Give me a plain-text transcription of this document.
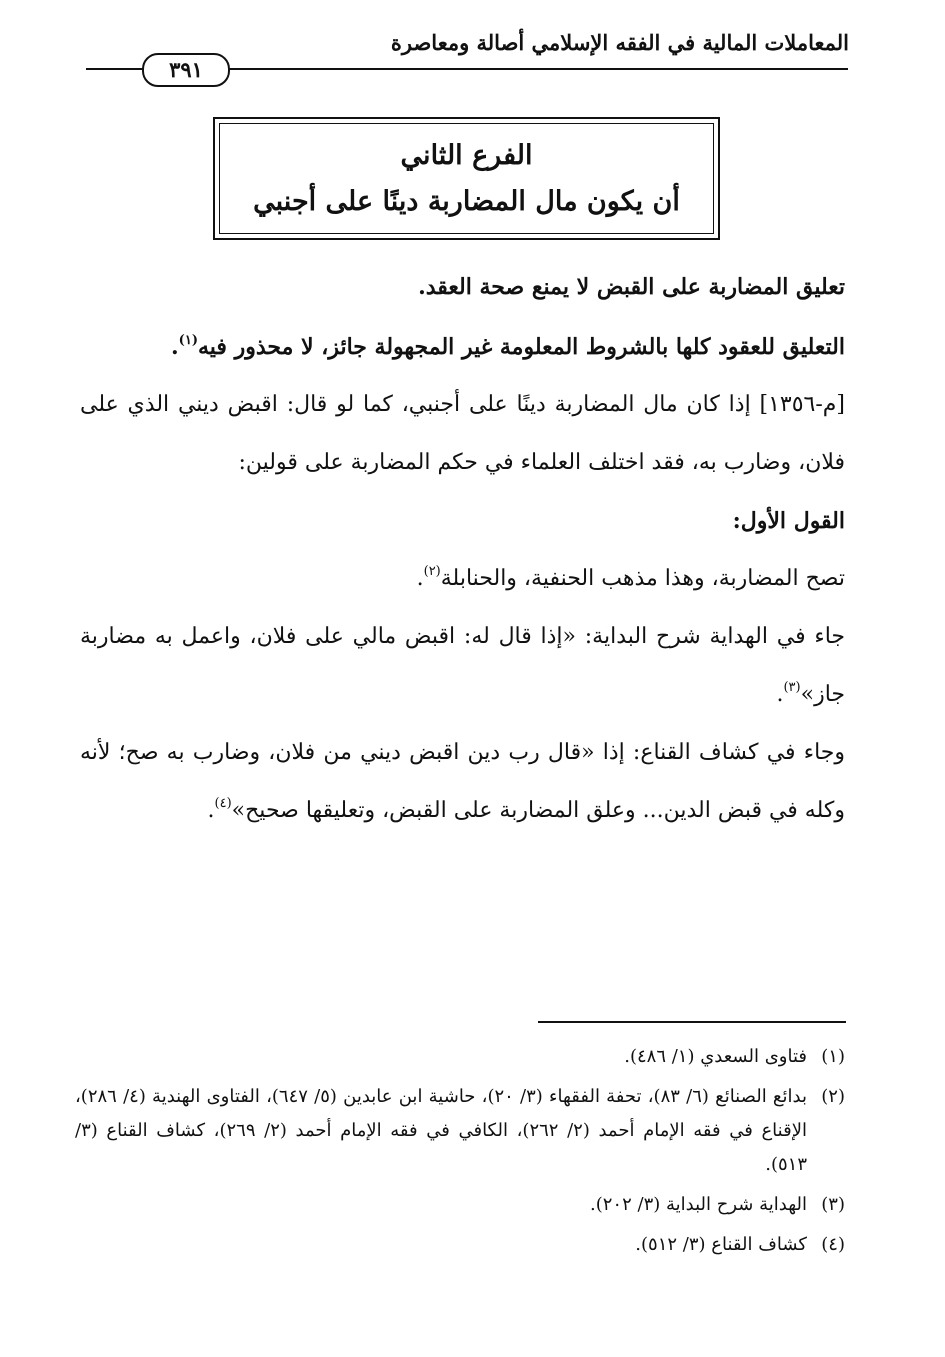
المعاملات المالية في الفقه الإسلامي أصالة ومعاصرة
٣٩١
الفرع الثاني
أن يكون مال المضاربة دينًا على أجنبي

تعليق المضاربة على القبض لا يمنع صحة العقد.

التعليق للعقود كلها بالشروط المعلومة غير المجهولة جائز، لا محذور فيه$^{(١)}$.

[م-١٣٥٦] إذا كان مال المضاربة دينًا على أجنبي، كما لو قال: اقبض ديني الذي على فلان، وضارب به، فقد اختلف العلماء في حكم المضاربة على قولين:

القول الأول:

تصح المضاربة، وهذا مذهب الحنفية، والحنابلة$^{(٢)}$.

جاء في الهداية شرح البداية: «إذا قال له: اقبض مالي على فلان، واعمل به مضاربة جاز»$^{(٣)}$.

وجاء في كشاف القناع: إذا «قال رب دين اقبض ديني من فلان، وضارب به صح؛ لأنه وكله في قبض الدين... وعلق المضاربة على القبض، وتعليقها صحيح»$^{(٤)}$.

(١)
فتاوى السعدي (١/ ٤٨٦).
(٢)
بدائع الصنائع (٦/ ٨٣)، تحفة الفقهاء (٣/ ٢٠)، حاشية ابن عابدين (٥/ ٦٤٧)، الفتاوى الهندية (٤/ ٢٨٦)، الإقناع في فقه الإمام أحمد (٢/ ٢٦٢)، الكافي في فقه الإمام أحمد (٢/ ٢٦٩)، كشاف القناع (٣/ ٥١٣).
(٣)
الهداية شرح البداية (٣/ ٢٠٢).
(٤)
كشاف القناع (٣/ ٥١٢).
